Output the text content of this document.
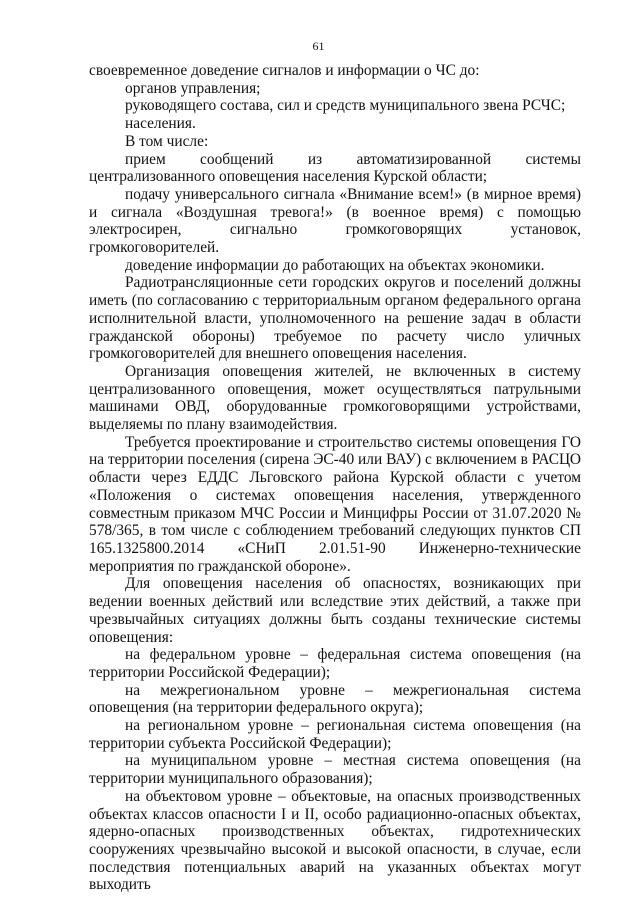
61

своевременное доведение сигналов и информации о ЧС до:

органов управления;

руководящего состава, сил и средств муниципального звена РСЧС;

населения.

В том числе:

прием сообщений из автоматизированной системы централизованного оповещения населения Курской области;

подачу универсального сигнала «Внимание всем!» (в мирное время) и сигнала «Воздушная тревога!» (в военное время) с помощью электросирен, сигнально громкоговорящих установок, громкоговорителей.

доведение информации до работающих на объектах экономики.

Радиотрансляционные сети городских округов и поселений должны иметь (по согласованию с территориальным органом федерального органа исполнительной власти, уполномоченного на решение задач в области гражданской обороны) требуемое по расчету число уличных громкоговорителей для внешнего оповещения населения.

Организация оповещения жителей, не включенных в систему централизованного оповещения, может осуществляться патрульными машинами ОВД, оборудованные громкоговорящими устройствами, выделяемы по плану взаимодействия.

Требуется проектирование и строительство системы оповещения ГО на территории поселения (сирена ЭС-40 или ВАУ) с включением в РАСЦО области через ЕДДС Льговского района Курской области с учетом «Положения о системах оповещения населения, утвержденного совместным приказом МЧС России и Минцифры России от 31.07.2020 № 578/365, в том числе с соблюдением требований следующих пунктов СП 165.1325800.2014 «СНиП 2.01.51-90 Инженерно-технические мероприятия по гражданской обороне».

Для оповещения населения об опасностях, возникающих при ведении военных действий или вследствие этих действий, а также при чрезвычайных ситуациях должны быть созданы технические системы оповещения:

на федеральном уровне – федеральная система оповещения (на территории Российской Федерации);

на межрегиональном уровне – межрегиональная система оповещения (на территории федерального округа);

на региональном уровне – региональная система оповещения (на территории субъекта Российской Федерации);

на муниципальном уровне – местная система оповещения (на территории муниципального образования);

на объектовом уровне – объектовые, на опасных производственных объектах классов опасности I и II, особо радиационно-опасных объектах, ядерно-опасных производственных объектах, гидротехнических сооружениях чрезвычайно высокой и высокой опасности, в случае, если последствия потенциальных аварий на указанных объектах могут выходить
